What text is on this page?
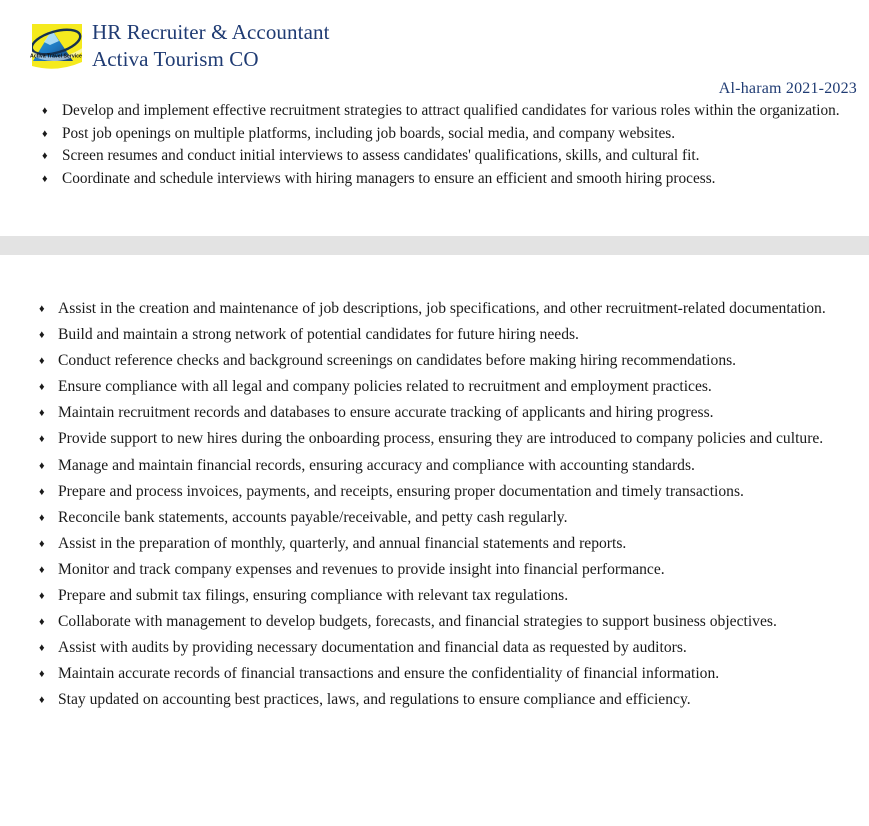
Activa Travel Service
HR Recruiter & Accountant
Activa Tourism CO
Al-haram 2021-2023
♦ Develop and implement effective recruitment strategies to attract qualified candidates for various roles within the organization.
♦ Post job openings on multiple platforms, including job boards, social media, and company websites.
♦ Screen resumes and conduct initial interviews to assess candidates' qualifications, skills, and cultural fit.
♦ Coordinate and schedule interviews with hiring managers to ensure an efficient and smooth hiring process.
♦ Assist in the creation and maintenance of job descriptions, job specifications, and other recruitment-related documentation.
♦ Build and maintain a strong network of potential candidates for future hiring needs.
♦ Conduct reference checks and background screenings on candidates before making hiring recommendations.
♦ Ensure compliance with all legal and company policies related to recruitment and employment practices.
♦ Maintain recruitment records and databases to ensure accurate tracking of applicants and hiring progress.
♦ Provide support to new hires during the onboarding process, ensuring they are introduced to company policies and culture.
♦ Manage and maintain financial records, ensuring accuracy and compliance with accounting standards.
♦ Prepare and process invoices, payments, and receipts, ensuring proper documentation and timely transactions.
♦ Reconcile bank statements, accounts payable/receivable, and petty cash regularly.
♦ Assist in the preparation of monthly, quarterly, and annual financial statements and reports.
♦ Monitor and track company expenses and revenues to provide insight into financial performance.
♦ Prepare and submit tax filings, ensuring compliance with relevant tax regulations.
♦ Collaborate with management to develop budgets, forecasts, and financial strategies to support business objectives.
♦ Assist with audits by providing necessary documentation and financial data as requested by auditors.
♦ Maintain accurate records of financial transactions and ensure the confidentiality of financial information.
♦ Stay updated on accounting best practices, laws, and regulations to ensure compliance and efficiency.
